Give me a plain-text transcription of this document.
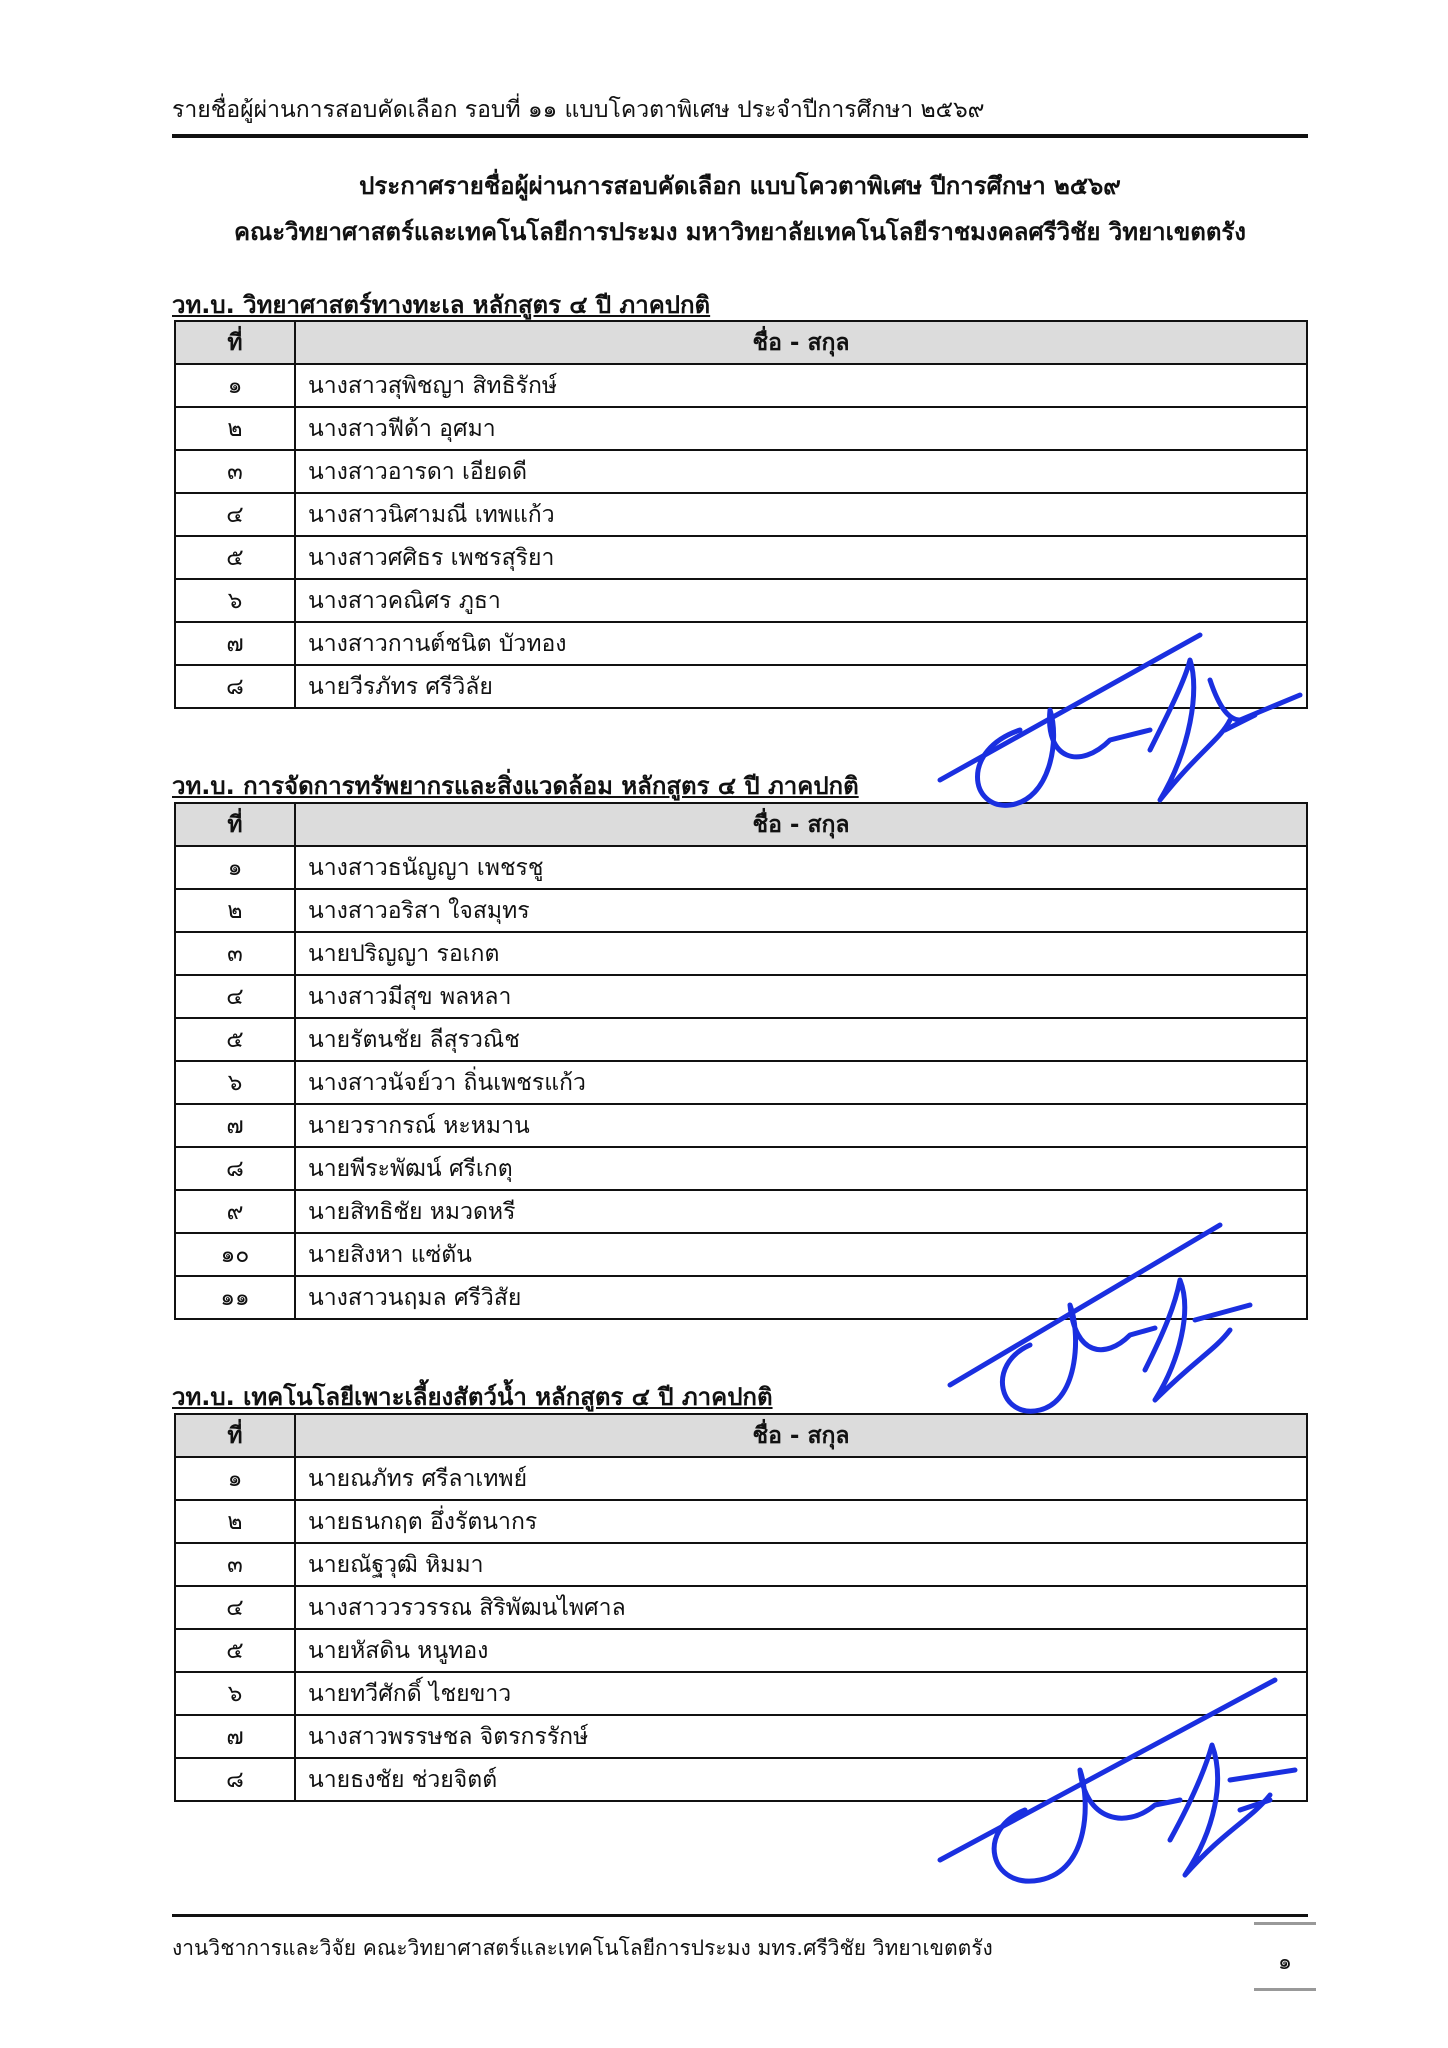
รายชื่อผู้ผ่านการสอบคัดเลือก รอบที่ ๑๑ แบบโควตาพิเศษ ประจำปีการศึกษา ๒๕๖๙
ประกาศรายชื่อผู้ผ่านการสอบคัดเลือก แบบโควตาพิเศษ ปีการศึกษา ๒๕๖๙
คณะวิทยาศาสตร์และเทคโนโลยีการประมง มหาวิทยาลัยเทคโนโลยีราชมงคลศรีวิชัย วิทยาเขตตรัง
วท.บ. วิทยาศาสตร์ทางทะเล หลักสูตร ๔ ปี ภาคปกติ
ที่	ชื่อ - สกุล
๑	นางสาวสุพิชญา สิทธิรักษ์
๒	นางสาวฟีด้า อุศมา
๓	นางสาวอารดา เอียดดี
๔	นางสาวนิศามณี เทพแก้ว
๕	นางสาวศศิธร เพชรสุริยา
๖	นางสาวคณิศร ภูธา
๗	นางสาวกานต์ชนิต บัวทอง
๘	นายวีรภัทร ศรีวิลัย
วท.บ. การจัดการทรัพยากรและสิ่งแวดล้อม หลักสูตร ๔ ปี ภาคปกติ
ที่	ชื่อ - สกุล
๑	นางสาวธนัญญา เพชรชู
๒	นางสาวอริสา ใจสมุทร
๓	นายปริญญา รอเกต
๔	นางสาวมีสุข พลหลา
๕	นายรัตนชัย ลีสุรวณิช
๖	นางสาวนัจย์วา ถิ่นเพชรแก้ว
๗	นายวรากรณ์ หะหมาน
๘	นายพีระพัฒน์ ศรีเกตุ
๙	นายสิทธิชัย หมวดหรี
๑๐	นายสิงหา แซ่ตัน
๑๑	นางสาวนฤมล ศรีวิสัย
วท.บ. เทคโนโลยีเพาะเลี้ยงสัตว์น้ำ หลักสูตร ๔ ปี ภาคปกติ
ที่	ชื่อ - สกุล
๑	นายณภัทร ศรีลาเทพย์
๒	นายธนกฤต อึ่งรัตนากร
๓	นายณัฐวุฒิ หิมมา
๔	นางสาววรวรรณ สิริพัฒนไพศาล
๕	นายหัสดิน หนูทอง
๖	นายทวีศักดิ์ ไชยขาว
๗	นางสาวพรรษชล จิตรกรรักษ์
๘	นายธงชัย ช่วยจิตต์
งานวิชาการและวิจัย คณะวิทยาศาสตร์และเทคโนโลยีการประมง มทร.ศรีวิชัย วิทยาเขตตรัง
๑
